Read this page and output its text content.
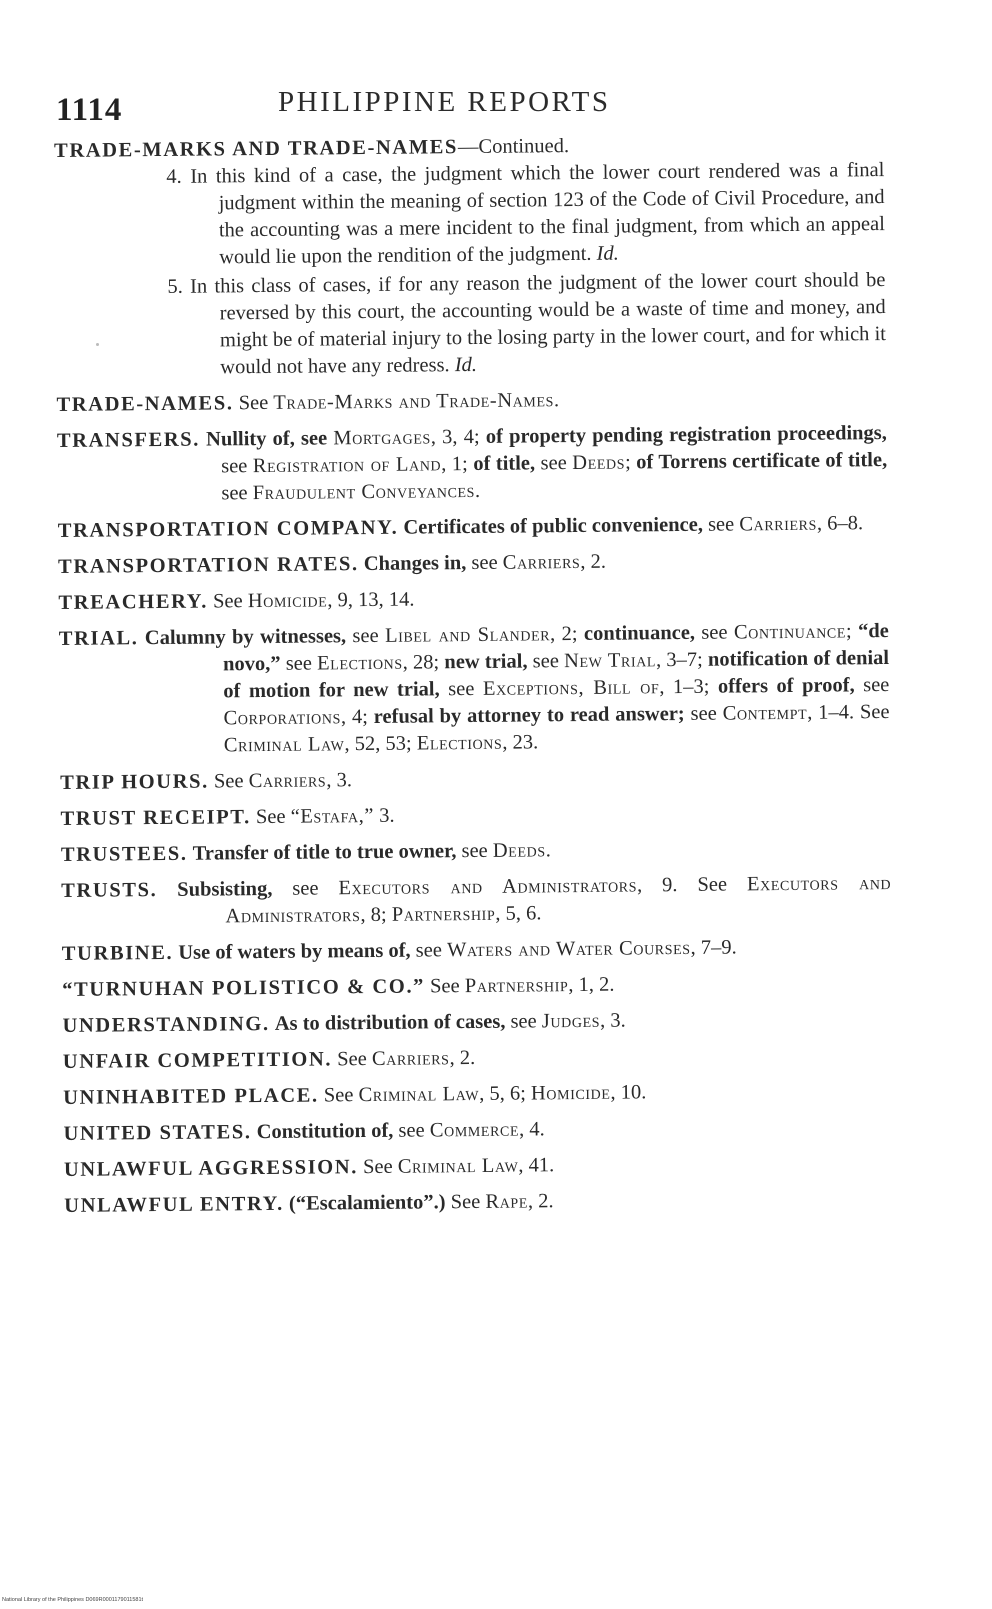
1114	PHILIPPINE REPORTS

TRADE-MARKS AND TRADE-NAMES—Continued.

4. In this kind of a case, the judgment which the lower court rendered was a final judgment within the meaning of section 123 of the Code of Civil Procedure, and the accounting was a mere incident to the final judgment, from which an appeal would lie upon the rendition of the judgment. Id.

5. In this class of cases, if for any reason the judgment of the lower court should be reversed by this court, the accounting would be a waste of time and money, and might be of material injury to the losing party in the lower court, and for which it would not have any redress. Id.

TRADE-NAMES. See Trade-Marks and Trade-Names.

TRANSFERS. Nullity of, see Mortgages, 3, 4; of property pending registration proceedings, see Registration of Land, 1; of title, see Deeds; of Torrens certificate of title, see Fraudulent Conveyances.

TRANSPORTATION COMPANY. Certificates of public convenience, see Carriers, 6–8.

TRANSPORTATION RATES. Changes in, see Carriers, 2.

TREACHERY. See Homicide, 9, 13, 14.

TRIAL. Calumny by witnesses, see Libel and Slander, 2; continuance, see Continuance; “de novo,” see Elections, 28; new trial, see New Trial, 3–7; notification of denial of motion for new trial, see Exceptions, Bill of, 1–3; offers of proof, see Corporations, 4; refusal by attorney to read answer; see Contempt, 1–4. See Criminal Law, 52, 53; Elections, 23.

TRIP HOURS. See Carriers, 3.

TRUST RECEIPT. See “Estafa,” 3.

TRUSTEES. Transfer of title to true owner, see Deeds.

TRUSTS. Subsisting, see Executors and Administrators, 9. See Executors and Administrators, 8; Partnership, 5, 6.

TURBINE. Use of waters by means of, see Waters and Water Courses, 7–9.

“TURNUHAN POLISTICO & CO.” See Partnership, 1, 2.

UNDERSTANDING. As to distribution of cases, see Judges, 3.

UNFAIR COMPETITION. See Carriers, 2.

UNINHABITED PLACE. See Criminal Law, 5, 6; Homicide, 10.

UNITED STATES. Constitution of, see Commerce, 4.

UNLAWFUL AGGRESSION. See Criminal Law, 41.

UNLAWFUL ENTRY. (“Escalamiento”.) See Rape, 2.

National Library of the Philippines D069R0001179011581t
